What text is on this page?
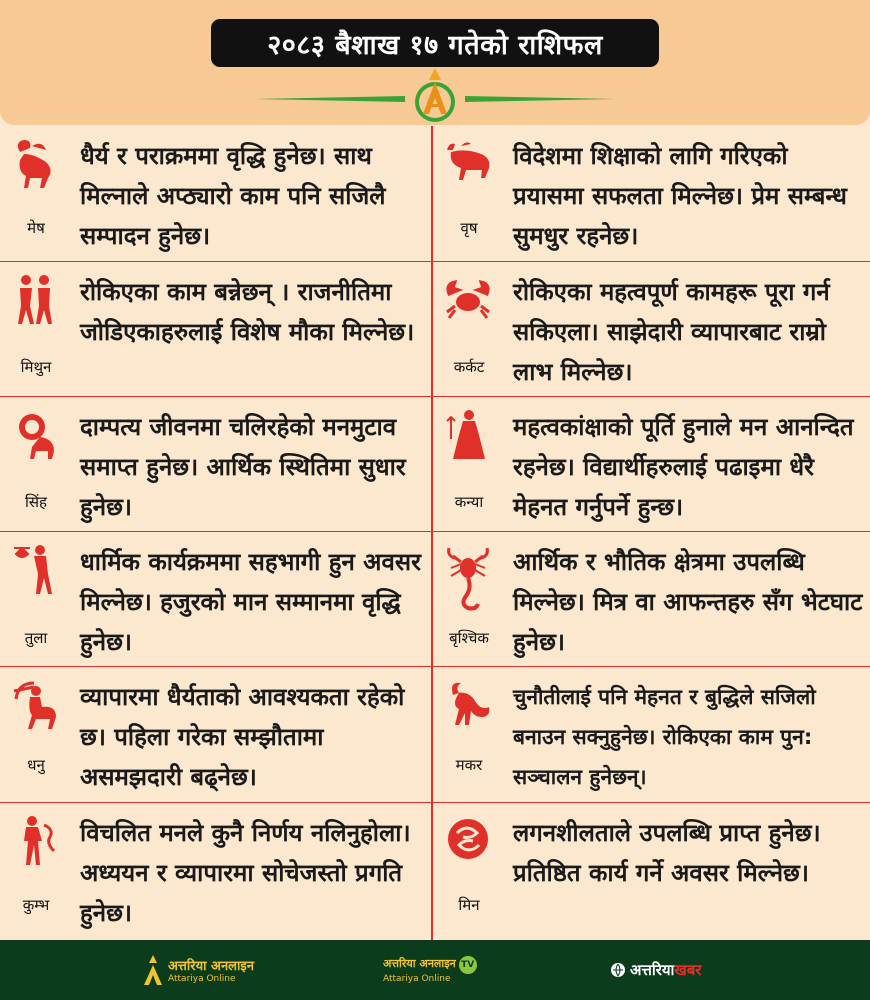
२०८३ बैशाख १७ गतेको राशिफल
मेष
धैर्य र पराक्रममा वृद्धि हुनेछ। साथ मिल्नाले अप्ठ्यारो काम पनि सजिलै सम्पादन हुनेछ।	वृष
विदेशमा शिक्षाको लागि गरिएको प्रयासमा सफलता मिल्नेछ। प्रेम सम्बन्ध सुमधुर रहनेछ।
मिथुन
रोकिएका काम बन्नेछन् । राजनीतिमा जोडिएकाहरुलाई विशेष मौका मिल्नेछ।
कर्कट
रोकिएका महत्वपूर्ण कामहरू पूरा गर्न सकिएला। साझेदारी व्यापारबाट राम्रो लाभ मिल्नेछ।
सिंह
दाम्पत्य जीवनमा चलिरहेको मनमुटाव समाप्त हुनेछ। आर्थिक स्थितिमा सुधार हुनेछ।	कन्या
महत्वकांक्षाको पूर्ति हुनाले मन आनन्दित रहनेछ। विद्यार्थीहरुलाई पढाइमा धेरै मेहनत गर्नुपर्ने हुन्छ।
तुला
धार्मिक कार्यक्रममा सहभागी हुन अवसर मिल्नेछ। हजुरको मान सम्मानमा वृद्धि हुनेछ।	बृश्चिक
आर्थिक र भौतिक क्षेत्रमा उपलब्धि मिल्नेछ। मित्र वा आफन्तहरु सँग भेटघाट हुनेछ।
धनु
व्यापारमा धैर्यताको आवश्यकता रहेको छ। पहिला गरेका सम्झौतामा असमझदारी बढ्नेछ।	मकर
चुनौतीलाई पनि मेहनत र बुद्धिले सजिलो बनाउन सक्नुहुनेछ। रोकिएका काम पुन: सञ्चालन हुनेछन्।
कुम्भ
विचलित मनले कुनै निर्णय नलिनुहोला। अध्ययन र व्यापारमा सोचेजस्तो प्रगति हुनेछ।	मिन
लगनशीलताले उपलब्धि प्राप्त हुनेछ। प्रतिष्ठित कार्य गर्ने अवसर मिल्नेछ।
अत्तरिया अनलाइन
Attariya Online
अत्तरिया अनलाइन TV
Attariya Online	अत्तरियाखबर
